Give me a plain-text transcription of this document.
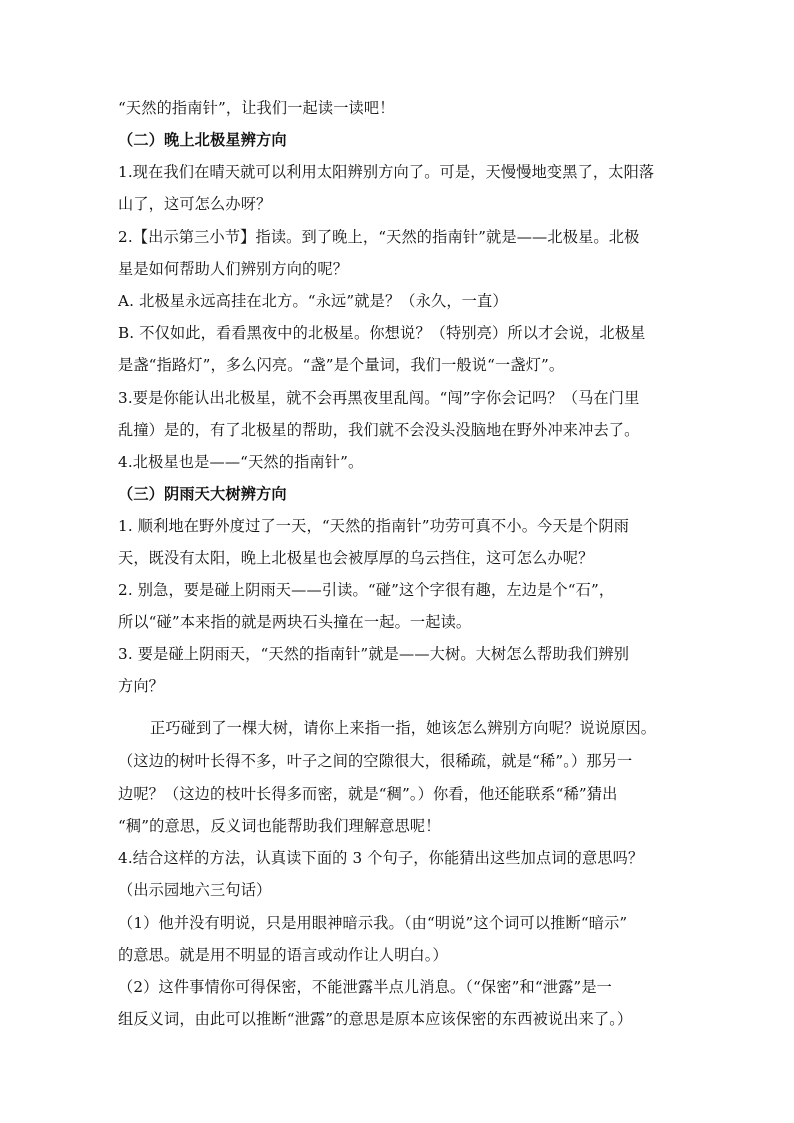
“天然的指南针”，让我们一起读一读吧！
（二）晚上北极星辨方向
1.现在我们在晴天就可以利用太阳辨别方向了。可是，天慢慢地变黑了，太阳落
山了，这可怎么办呀？
2.【出示第三小节】指读。到了晚上，“天然的指南针”就是——北极星。北极
星是如何帮助人们辨别方向的呢？
A. 北极星永远高挂在北方。“永远”就是？（永久，一直）
B. 不仅如此，看看黑夜中的北极星。你想说？（特别亮）所以才会说，北极星
是盏“指路灯”，多么闪亮。“盏”是个量词，我们一般说“一盏灯”。
3.要是你能认出北极星，就不会再黑夜里乱闯。“闯”字你会记吗？（马在门里
乱撞）是的，有了北极星的帮助，我们就不会没头没脑地在野外冲来冲去了。
4.北极星也是——“天然的指南针”。
（三）阴雨天大树辨方向
1. 顺利地在野外度过了一天，“天然的指南针”功劳可真不小。今天是个阴雨
天，既没有太阳，晚上北极星也会被厚厚的乌云挡住，这可怎么办呢？
2. 别急，要是碰上阴雨天——引读。“碰”这个字很有趣，左边是个“石”，
所以“碰”本来指的就是两块石头撞在一起。一起读。
3. 要是碰上阴雨天，“天然的指南针”就是——大树。大树怎么帮助我们辨别
方向？
正巧碰到了一棵大树，请你上来指一指，她该怎么辨别方向呢？说说原因。
（这边的树叶长得不多，叶子之间的空隙很大，很稀疏，就是“稀”。）那另一
边呢？（这边的枝叶长得多而密，就是“稠”。）你看，他还能联系“稀”猜出
“稠”的意思，反义词也能帮助我们理解意思呢！
4.结合这样的方法，认真读下面的 3 个句子，你能猜出这些加点词的意思吗？
（出示园地六三句话）
（1）他并没有明说，只是用眼神暗示我。（由“明说”这个词可以推断“暗示”
的意思。就是用不明显的语言或动作让人明白。）
（2）这件事情你可得保密，不能泄露半点儿消息。（“保密”和“泄露”是一
组反义词，由此可以推断“泄露”的意思是原本应该保密的东西被说出来了。）
